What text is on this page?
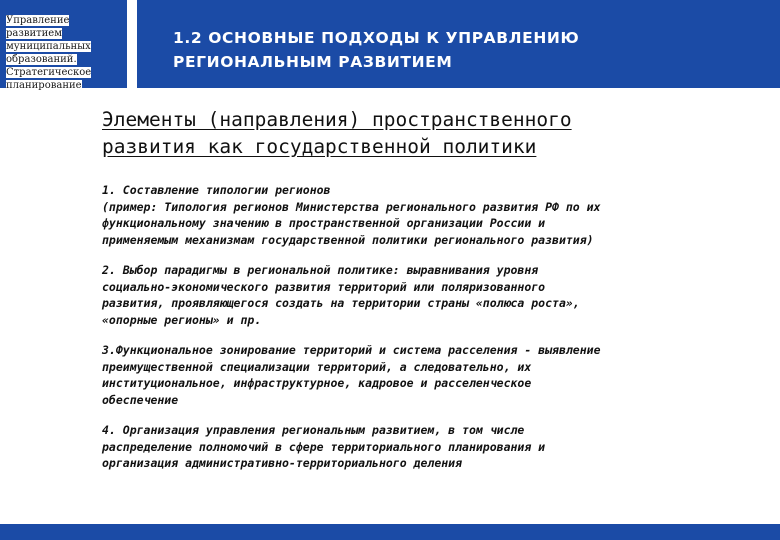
Управление развитием
муниципальных
образований.
Стратегическое
планирование
1.2 ОСНОВНЫЕ ПОДХОДЫ К УПРАВЛЕНИЮ
РЕГИОНАЛЬНЫМ РАЗВИТИЕМ
Элементы (направления) пространственного
развития как государственной политики

1. Составление типологии регионов
(пример: Типология регионов Министерства регионального развития РФ по их
функциональному значению в пространственной организации России и
применяемым механизмам государственной политики регионального развития)

2. Выбор парадигмы в региональной политике: выравнивания уровня
социально-экономического развития территорий или поляризованного
развития, проявляющегося создать на территории страны «полюса роста»,
«опорные регионы» и пр.

3.Функциональное зонирование территорий и система расселения - выявление
преимущественной специализации территорий, а следовательно, их
институциональное, инфраструктурное, кадровое и расселенческое
обеспечение

4. Организация управления региональным развитием, в том числе
распределение полномочий в сфере территориального планирования и
организация административно-территориального деления
